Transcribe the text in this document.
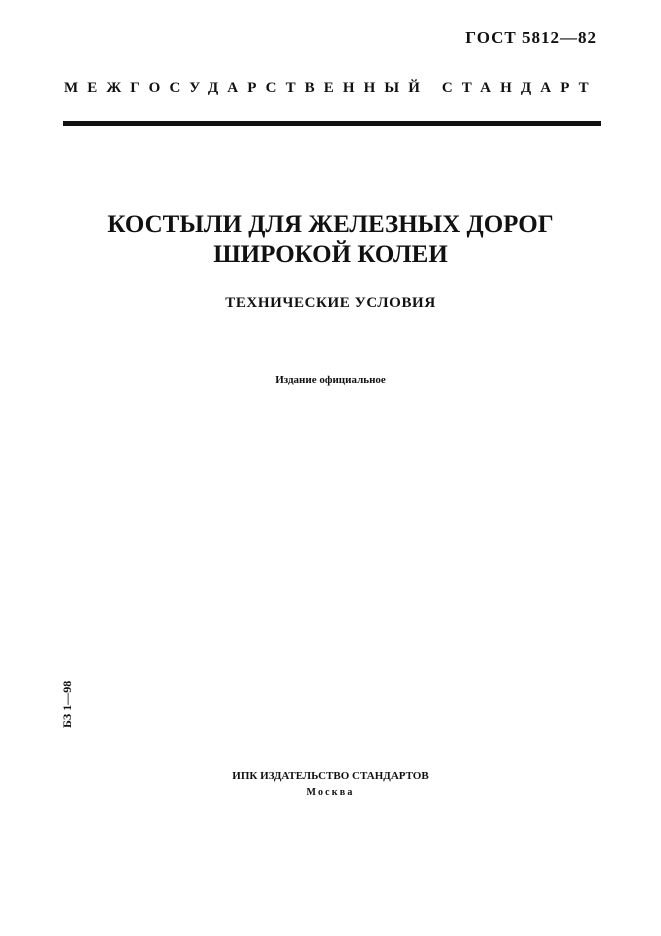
ГОСТ 5812—82
МЕЖГОСУДАРСТВЕННЫЙ СТАНДАРТ
КОСТЫЛИ ДЛЯ ЖЕЛЕЗНЫХ ДОРОГ
ШИРОКОЙ КОЛЕИ
ТЕХНИЧЕСКИЕ УСЛОВИЯ
Издание официальное
БЗ 1—98
ИПК ИЗДАТЕЛЬСТВО СТАНДАРТОВ
Москва
